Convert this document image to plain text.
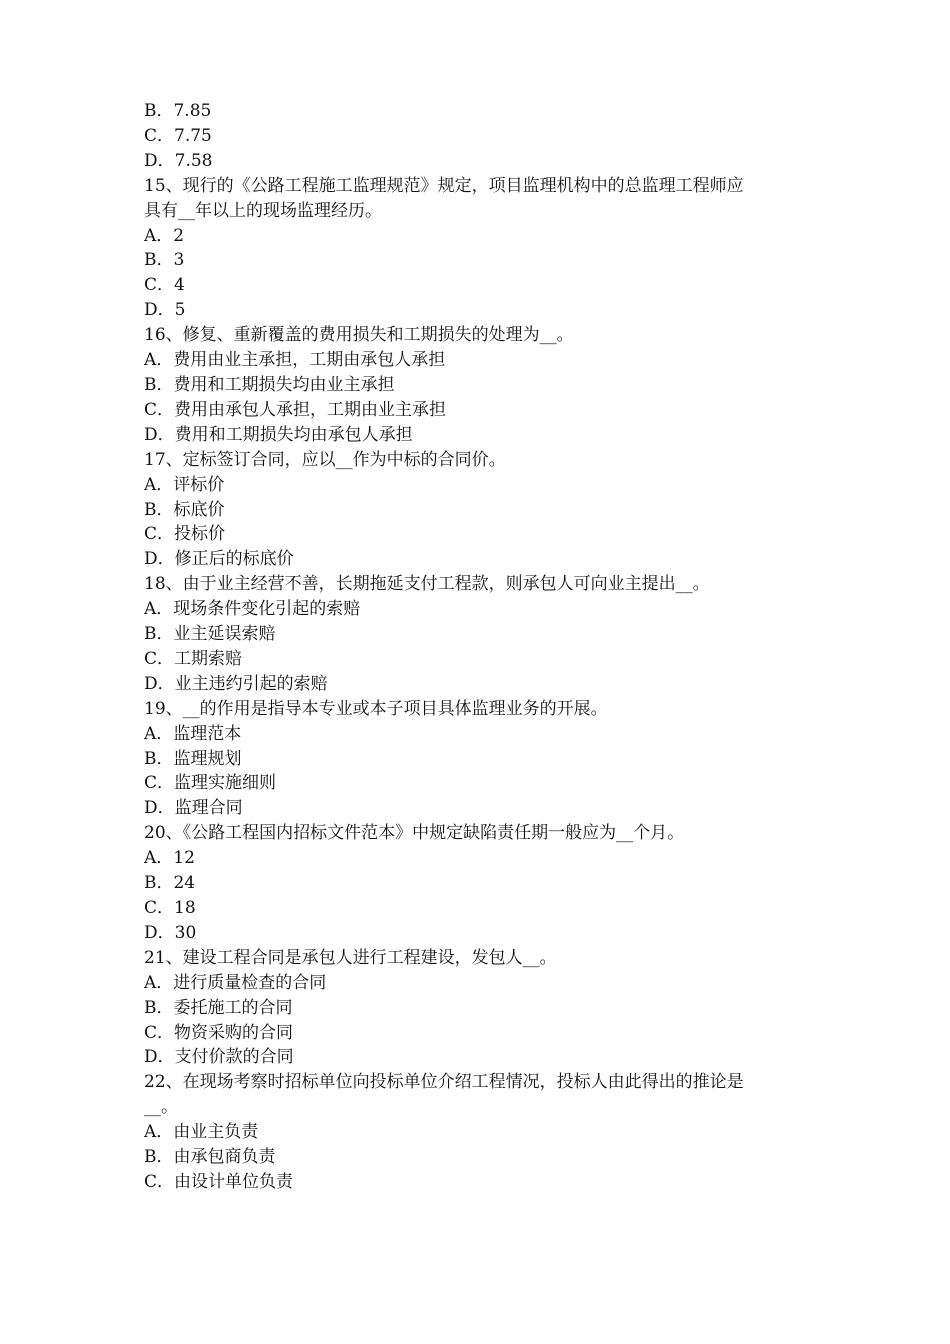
B．7.85
C．7.75
D．7.58
15、现行的《公路工程施工监理规范》规定，项目监理机构中的总监理工程师应
具有__年以上的现场监理经历。
A．2
B．3
C．4
D．5
16、修复、重新覆盖的费用损失和工期损失的处理为__。
A．费用由业主承担，工期由承包人承担
B．费用和工期损失均由业主承担
C．费用由承包人承担，工期由业主承担
D．费用和工期损失均由承包人承担
17、定标签订合同，应以__作为中标的合同价。
A．评标价
B．标底价
C．投标价
D．修正后的标底价
18、由于业主经营不善，长期拖延支付工程款，则承包人可向业主提出__。
A．现场条件变化引起的索赔
B．业主延误索赔
C．工期索赔
D．业主违约引起的索赔
19、__的作用是指导本专业或本子项目具体监理业务的开展。
A．监理范本
B．监理规划
C．监理实施细则
D．监理合同
20、《公路工程国内招标文件范本》中规定缺陷责任期一般应为__个月。
A．12
B．24
C．18
D．30
21、建设工程合同是承包人进行工程建设，发包人__。
A．进行质量检查的合同
B．委托施工的合同
C．物资采购的合同
D．支付价款的合同
22、在现场考察时招标单位向投标单位介绍工程情况，投标人由此得出的推论是
__。
A．由业主负责
B．由承包商负责
C．由设计单位负责
